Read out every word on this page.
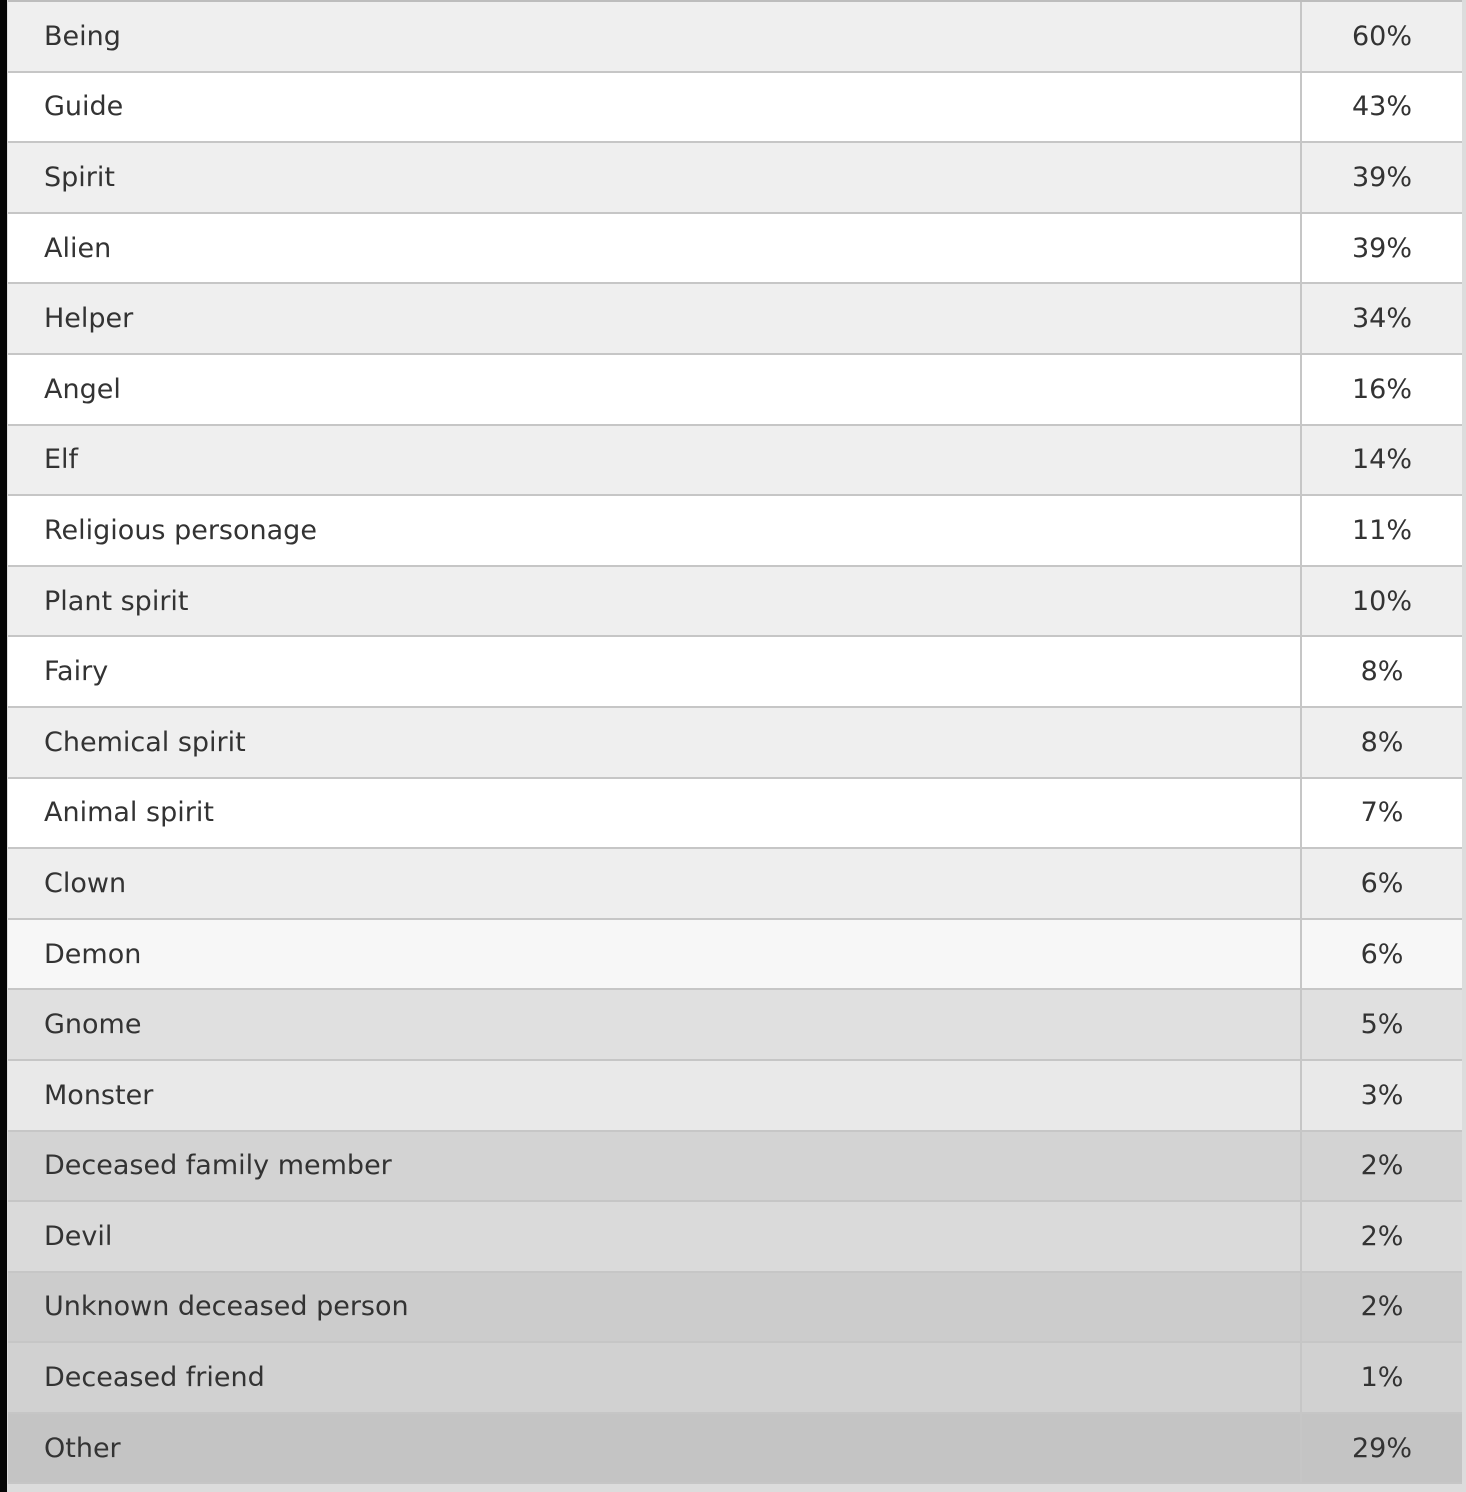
Being	60%
Guide	43%
Spirit	39%
Alien	39%
Helper	34%
Angel	16%
Elf	14%
Religious personage	11%
Plant spirit	10%
Fairy	8%
Chemical spirit	8%
Animal spirit	7%
Clown	6%
Demon	6%
Gnome	5%
Monster	3%
Deceased family member	2%
Devil	2%
Unknown deceased person	2%
Deceased friend	1%
Other	29%
